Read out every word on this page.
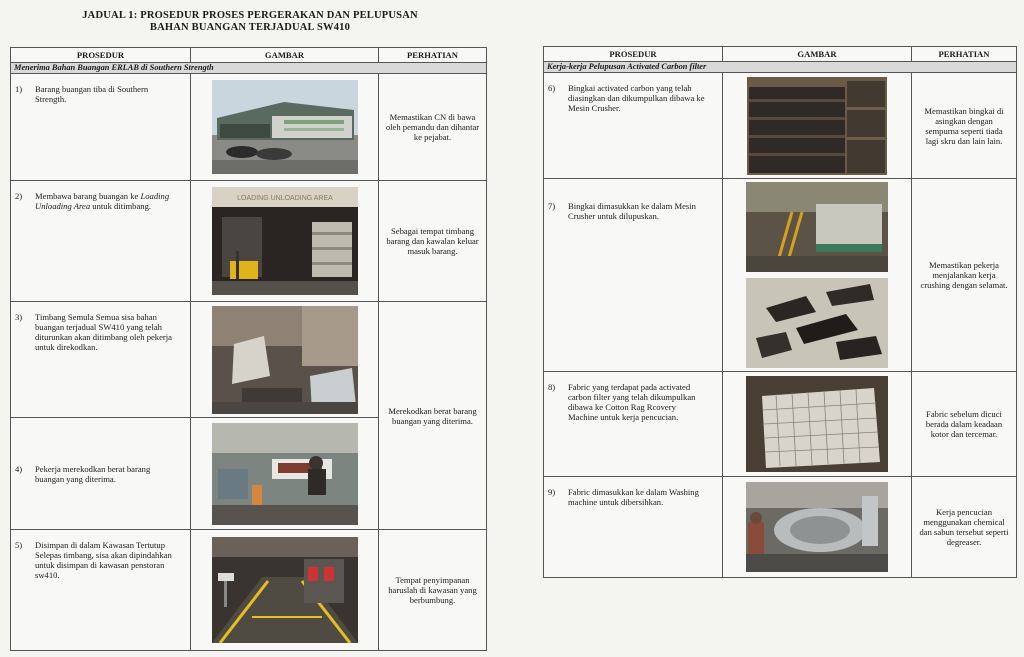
JADUAL 1: PROSEDUR PROSES PERGERAKAN DAN PELUPUSAN
BAHAN BUANGAN TERJADUAL SW410
PROSEDUR	GAMBAR	PERHATIAN
Menerima Bahan Buangan ERLAB di Southern Strength		
1) Barang buangan tiba di Southern Strength.		Memastikan CN di bawa oleh pemandu dan dihantar ke pejabat.
2) Membawa barang buangan ke Loading Unloading Area untuk ditimbang.	LOADING UNLOADING AREA	Sebagai tempat timbang barang dan kawalan keluar masuk barang.
3) Timbang Semula Semua sisa bahan buangan terjadual SW410 yang telah diturunkan akan ditimbang oleh pekerja untuk direkodkan.		Merekodkan berat barang buangan yang diterima.
4) Pekerja merekodkan berat barang buangan yang diterima.	

5) Disimpan di dalam Kawasan Tertutup Selepas timbang, sisa akan dipindahkan untuk disimpan di kawasan penstoran sw410.		Tempat penyimpanan haruslah di kawasan yang berbumbung.
PROSEDUR	GAMBAR	PERHATIAN
Kerja-kerja Pelupusan Activated Carbon filter		
6) Bingkai activated carbon yang telah diasingkan dan dikumpulkan dibawa ke Mesin Crusher.		Memastikan bingkai di asingkan dengan sempurna seperti tiada lagi skru dan lain lain.
7) Bingkai dimasukkan ke dalam Mesin Crusher untuk dilupuskan.		Memastikan pekerja menjalankan kerja crushing dengan selamat.
8) Fabric yang terdapat pada activated carbon filter yang telah dikumpulkan dibawa ke Cotton Rag Rcovery Machine untuk kerja pencucian.		Fabric sebelum dicuci berada dalam keadaan kotor dan tercemar.
9) Fabric dimasukkan ke dalam Washing machine untuk dibersihkan.		Kerja pencucian menggunakan chemical dan sabun tersebut seperti degreaser.
